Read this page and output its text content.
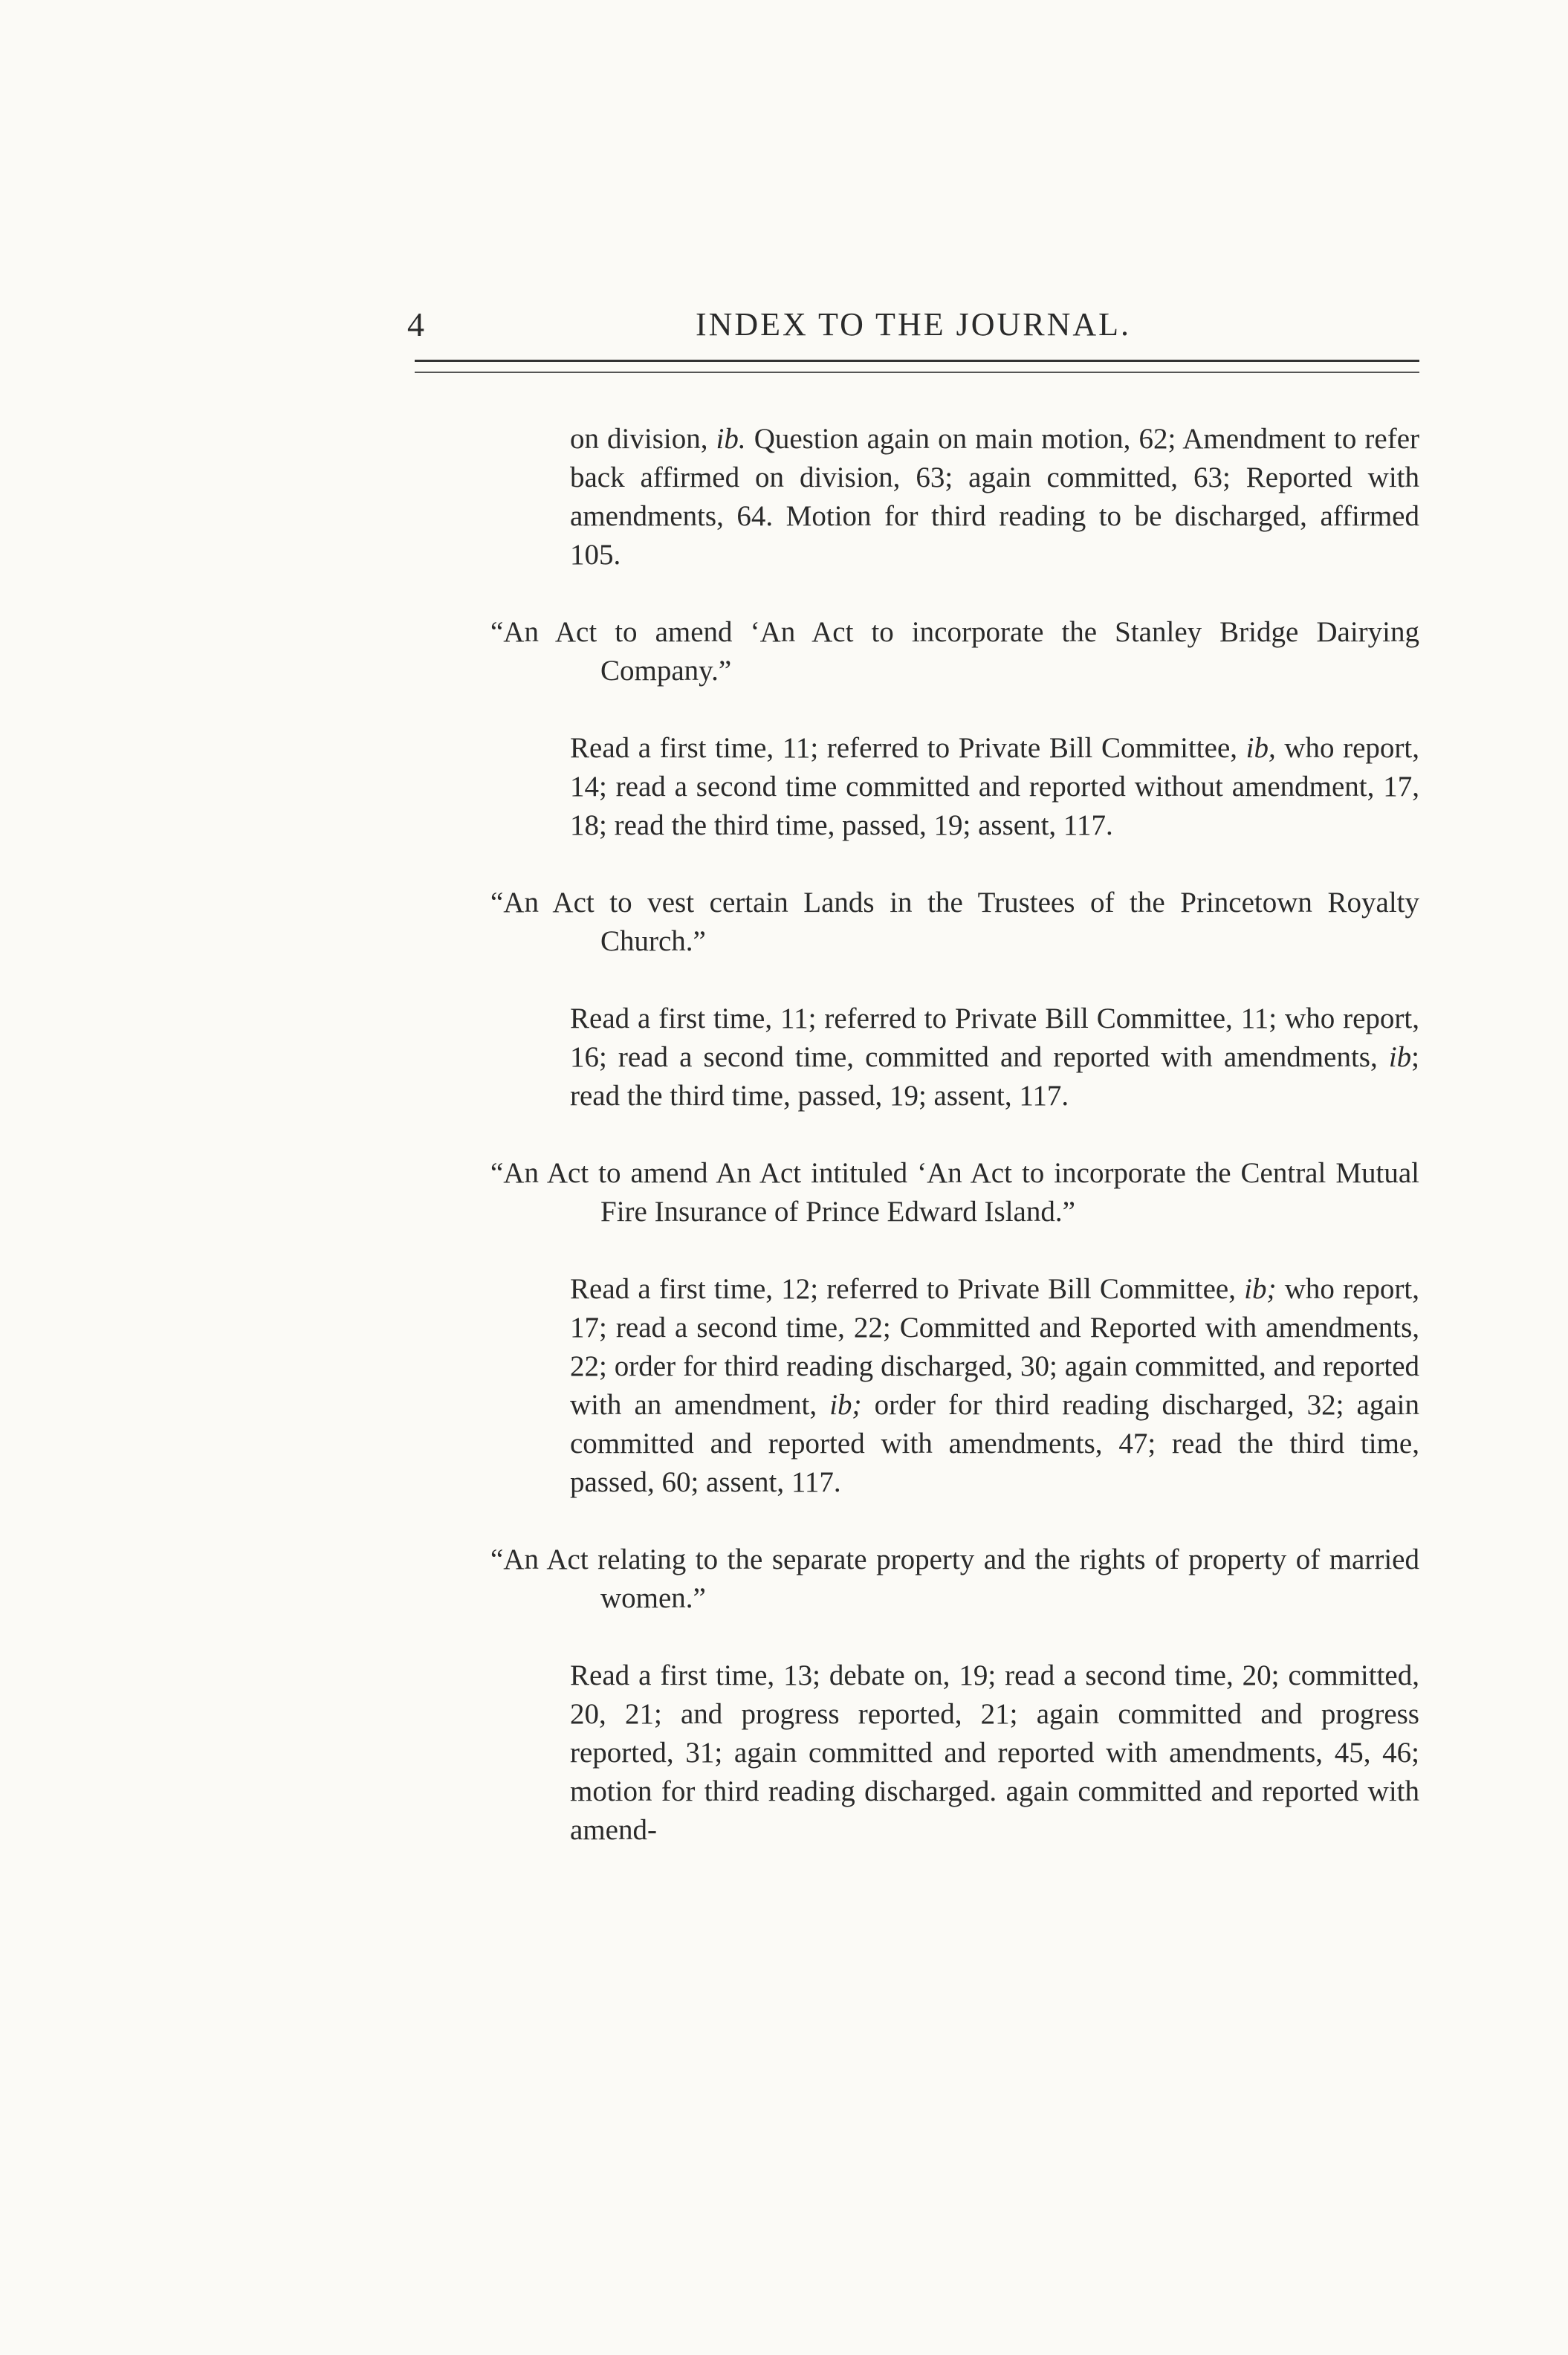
4	INDEX TO THE JOURNAL.

on division, ib. Question again on main motion, 62; Amendment to refer back affirmed on division, 63; again committed, 63; Reported with amendments, 64. Motion for third reading to be discharged, affirmed 105.

“An Act to amend ‘An Act to incorporate the Stanley Bridge Dairying Company.”

Read a first time, 11; referred to Private Bill Committee, ib, who report, 14; read a second time committed and reported without amendment, 17, 18; read the third time, passed, 19; assent, 117.

“An Act to vest certain Lands in the Trustees of the Princetown Royalty Church.”

Read a first time, 11; referred to Private Bill Committee, 11; who report, 16; read a second time, committed and reported with amendments, ib; read the third time, passed, 19; assent, 117.

“An Act to amend An Act intituled ‘An Act to incorporate the Central Mutual Fire Insurance of Prince Edward Island.”

Read a first time, 12; referred to Private Bill Committee, ib; who report, 17; read a second time, 22; Committed and Reported with amendments, 22; order for third reading discharged, 30; again committed, and reported with an amendment, ib; order for third reading discharged, 32; again committed and reported with amendments, 47; read the third time, passed, 60; assent, 117.

“An Act relating to the separate property and the rights of property of married women.”

Read a first time, 13; debate on, 19; read a second time, 20; committed, 20, 21; and progress reported, 21; again committed and progress reported, 31; again committed and reported with amendments, 45, 46; motion for third reading discharged. again committed and reported with amend-
